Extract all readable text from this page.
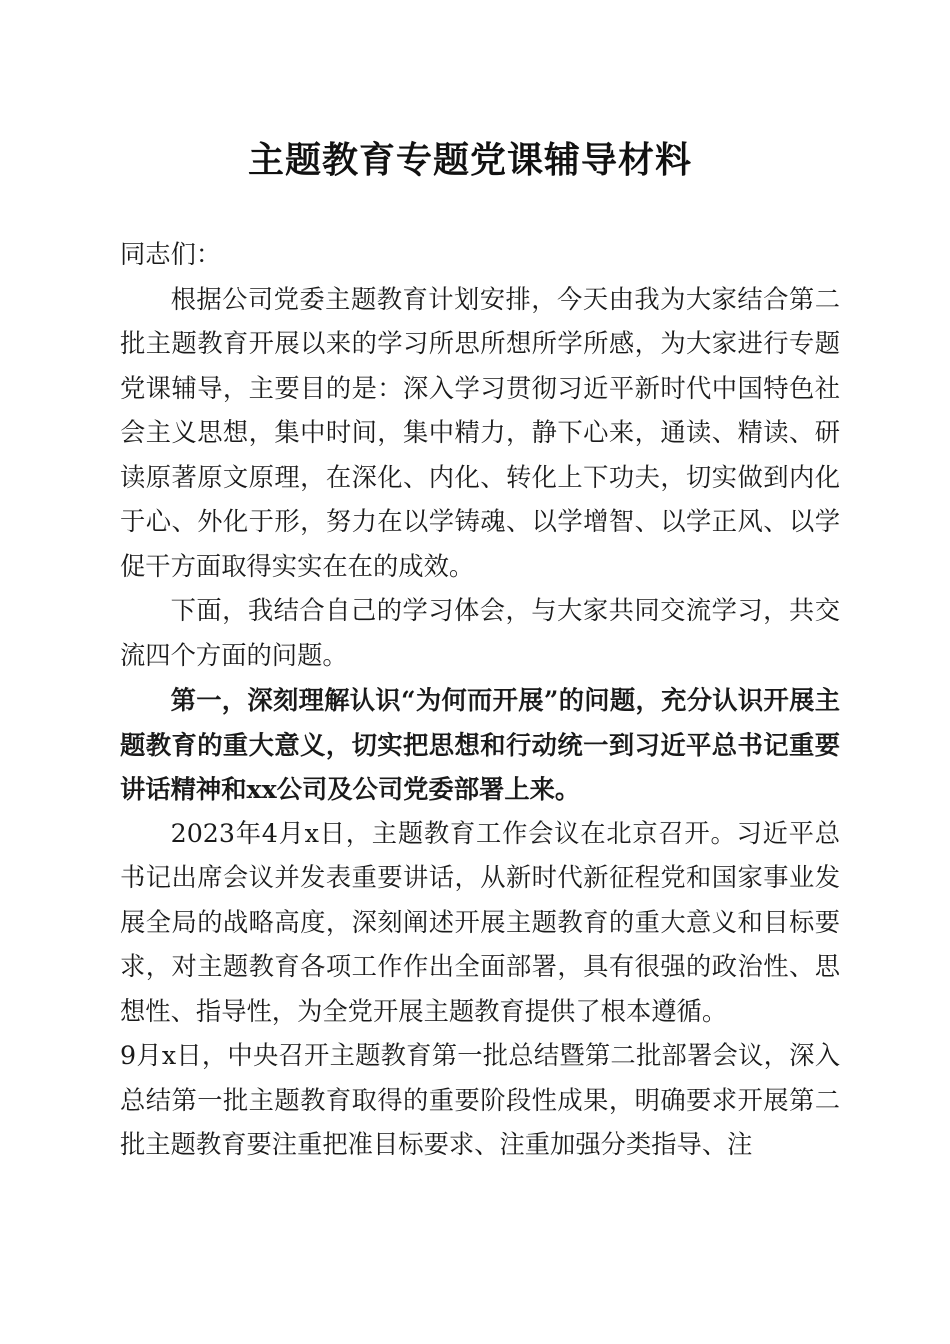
主题教育专题党课辅导材料

同志们：

根据公司党委主题教育计划安排，今天由我为大家结合第二批主题教育开展以来的学习所思所想所学所感，为大家进行专题党课辅导，主要目的是：深入学习贯彻习近平新时代中国特色社会主义思想，集中时间，集中精力，静下心来，通读、精读、研读原著原文原理，在深化、内化、转化上下功夫，切实做到内化于心、外化于形，努力在以学铸魂、以学增智、以学正风、以学促干方面取得实实在在的成效。

下面，我结合自己的学习体会，与大家共同交流学习，共交流四个方面的问题。

第一，深刻理解认识“为何而开展”的问题，充分认识开展主题教育的重大意义，切实把思想和行动统一到习近平总书记重要讲话精神和xx公司及公司党委部署上来。

2023年4月x日，主题教育工作会议在北京召开。习近平总书记出席会议并发表重要讲话，从新时代新征程党和国家事业发展全局的战略高度，深刻阐述开展主题教育的重大意义和目标要求，对主题教育各项工作作出全面部署，具有很强的政治性、思想性、指导性，为全党开展主题教育提供了根本遵循。

9月x日，中央召开主题教育第一批总结暨第二批部署会议，深入总结第一批主题教育取得的重要阶段性成果，明确要求开展第二批主题教育要注重把准目标要求、注重加强分类指导、注
